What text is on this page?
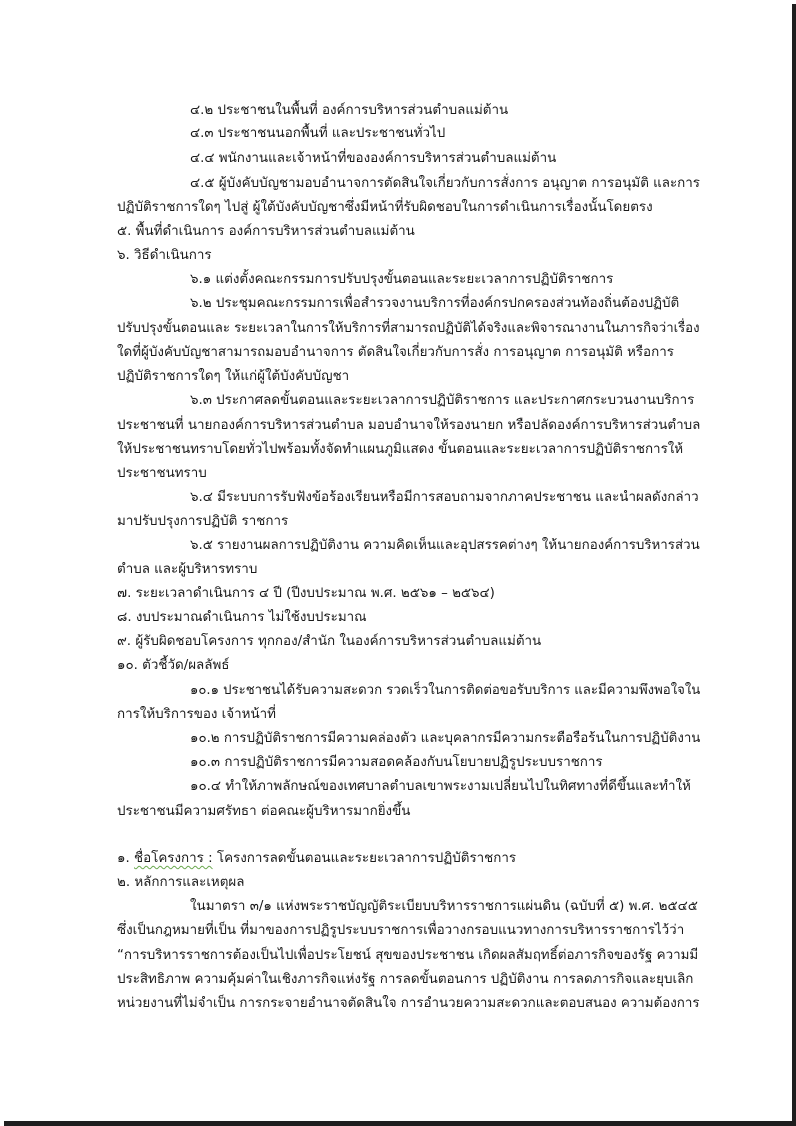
๔.๒ ประชาชนในพื้นที่ องค์การบริหารส่วนตำบลแม่ต้าน
๔.๓ ประชาชนนอกพื้นที่ และประชาชนทั่วไป
๔.๔ พนักงานและเจ้าหน้าที่ขององค์การบริหารส่วนตำบลแม่ต้าน
๔.๕ ผู้บังคับบัญชามอบอำนาจการตัดสินใจเกี่ยวกับการสั่งการ อนุญาต การอนุมัติ และการ
ปฏิบัติราชการใดๆ ไปสู่ ผู้ใต้บังคับบัญชาซึ่งมีหน้าที่รับผิดชอบในการดำเนินการเรื่องนั้นโดยตรง
๕. พื้นที่ดำเนินการ องค์การบริหารส่วนตำบลแม่ต้าน
๖. วิธีดำเนินการ
๖.๑ แต่งตั้งคณะกรรมการปรับปรุงขั้นตอนและระยะเวลาการปฏิบัติราชการ
๖.๒ ประชุมคณะกรรมการเพื่อสำรวจงานบริการที่องค์กรปกครองส่วนท้องถิ่นต้องปฏิบัติ
ปรับปรุงขั้นตอนและ ระยะเวลาในการให้บริการที่สามารถปฏิบัติได้จริงและพิจารณางานในภารกิจว่าเรื่อง
ใดที่ผู้บังคับบัญชาสามารถมอบอำนาจการ ตัดสินใจเกี่ยวกับการสั่ง การอนุญาต การอนุมัติ หรือการ
ปฏิบัติราชการใดๆ ให้แก่ผู้ใต้บังคับบัญชา
๖.๓ ประกาศลดขั้นตอนและระยะเวลาการปฏิบัติราชการ และประกาศกระบวนงานบริการ
ประชาชนที่ นายกองค์การบริหารส่วนตำบล มอบอำนาจให้รองนายก หรือปลัดองค์การบริหารส่วนตำบล
ให้ประชาชนทราบโดยทั่วไปพร้อมทั้งจัดทำแผนภูมิแสดง ขั้นตอนและระยะเวลาการปฏิบัติราชการให้
ประชาชนทราบ
๖.๔ มีระบบการรับฟังข้อร้องเรียนหรือมีการสอบถามจากภาคประชาชน และนำผลดังกล่าว
มาปรับปรุงการปฏิบัติ ราชการ
๖.๕ รายงานผลการปฏิบัติงาน ความคิดเห็นและอุปสรรคต่างๆ ให้นายกองค์การบริหารส่วน
ตำบล และผู้บริหารทราบ
๗. ระยะเวลาดำเนินการ ๔ ปี (ปีงบประมาณ พ.ศ. ๒๕๖๑ – ๒๕๖๔)
๘. งบประมาณดำเนินการ ไม่ใช้งบประมาณ
๙. ผู้รับผิดชอบโครงการ ทุกกอง/สำนัก ในองค์การบริหารส่วนตำบลแม่ต้าน
๑๐. ตัวชี้วัด/ผลลัพธ์
๑๐.๑ ประชาชนได้รับความสะดวก รวดเร็วในการติดต่อขอรับบริการ และมีความพึงพอใจใน
การให้บริการของ เจ้าหน้าที่
๑๐.๒ การปฏิบัติราชการมีความคล่องตัว และบุคลากรมีความกระตือรือร้นในการปฏิบัติงาน
๑๐.๓ การปฏิบัติราชการมีความสอดคล้องกับนโยบายปฏิรูประบบราชการ
๑๐.๔ ทำให้ภาพลักษณ์ของเทศบาลตำบลเขาพระงามเปลี่ยนไปในทิศทางที่ดีขึ้นและทำให้
ประชาชนมีความศรัทธา ต่อคณะผู้บริหารมากยิ่งขึ้น
๑. ชื่อโครงการ : โครงการลดขั้นตอนและระยะเวลาการปฏิบัติราชการ
๒. หลักการและเหตุผล
ในมาตรา ๓/๑ แห่งพระราชบัญญัติระเบียบบริหารราชการแผ่นดิน (ฉบับที่ ๕) พ.ศ. ๒๕๔๕
ซึ่งเป็นกฎหมายที่เป็น ที่มาของการปฏิรูประบบราชการเพื่อวางกรอบแนวทางการบริหารราชการไว้ว่า
“การบริหารราชการต้องเป็นไปเพื่อประโยชน์ สุขของประชาชน เกิดผลสัมฤทธิ์ต่อภารกิจของรัฐ ความมี
ประสิทธิภาพ ความคุ้มค่าในเชิงภารกิจแห่งรัฐ การลดขั้นตอนการ ปฏิบัติงาน การลดภารกิจและยุบเลิก
หน่วยงานที่ไม่จำเป็น การกระจายอำนาจตัดสินใจ การอำนวยความสะดวกและตอบสนอง ความต้องการ
